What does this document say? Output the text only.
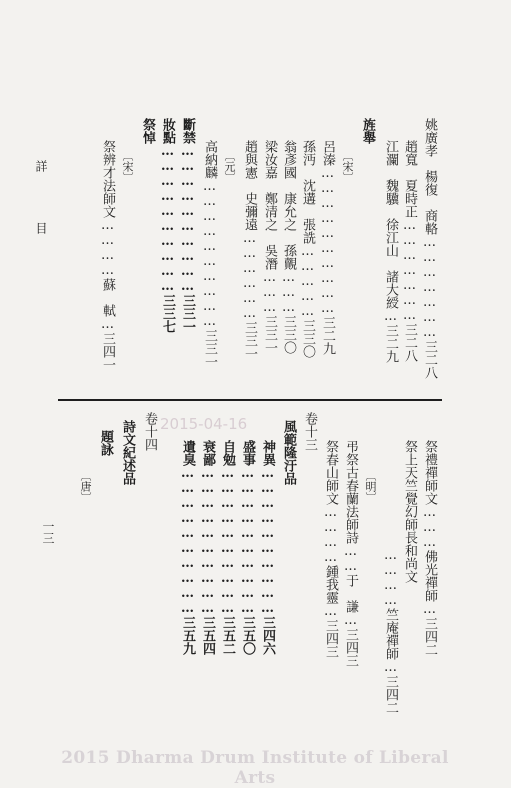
詳 目
一三
姚廣孝　楊復　商輅…………………三二八
趙寬　夏時正…………………三二八
江瀾　魏驥　徐江山　諸大綬…三二九
旌舉
〔宋〕
呂溱…………………………三二九
孫沔　沈遘　張詵……………三三〇
翁彥國　康允之　孫覿………三三〇
梁汝嘉　鄭清之　吳潛………三三一
趙與憲　史彌遠………………三三一
〔元〕
高納麟…………………………三三一
斷禁…………………………三三一
妝點…………………………三三七
祭悼
〔宋〕
祭辨才法師文…………蘇　軾…三四一
祭禮禪師文………佛光禪師…三四二
祭上天竺覺幻師長和尚文
…………竺庵禪師…三四二
〔明〕
弔祭古春蘭法師詩……于　謙…三四三
祭春山師文…………鍾我靈…三四三
卷十三
風範隆汙品
神異…………………………三四六
盛事…………………………三五〇
自勉…………………………三五二
衰鄙…………………………三五四
遺臭…………………………三五九
卷十四
詩文紀述品
題詠
〔唐〕
2015-04-16
2015 Dharma Drum Institute of Liberal Arts
